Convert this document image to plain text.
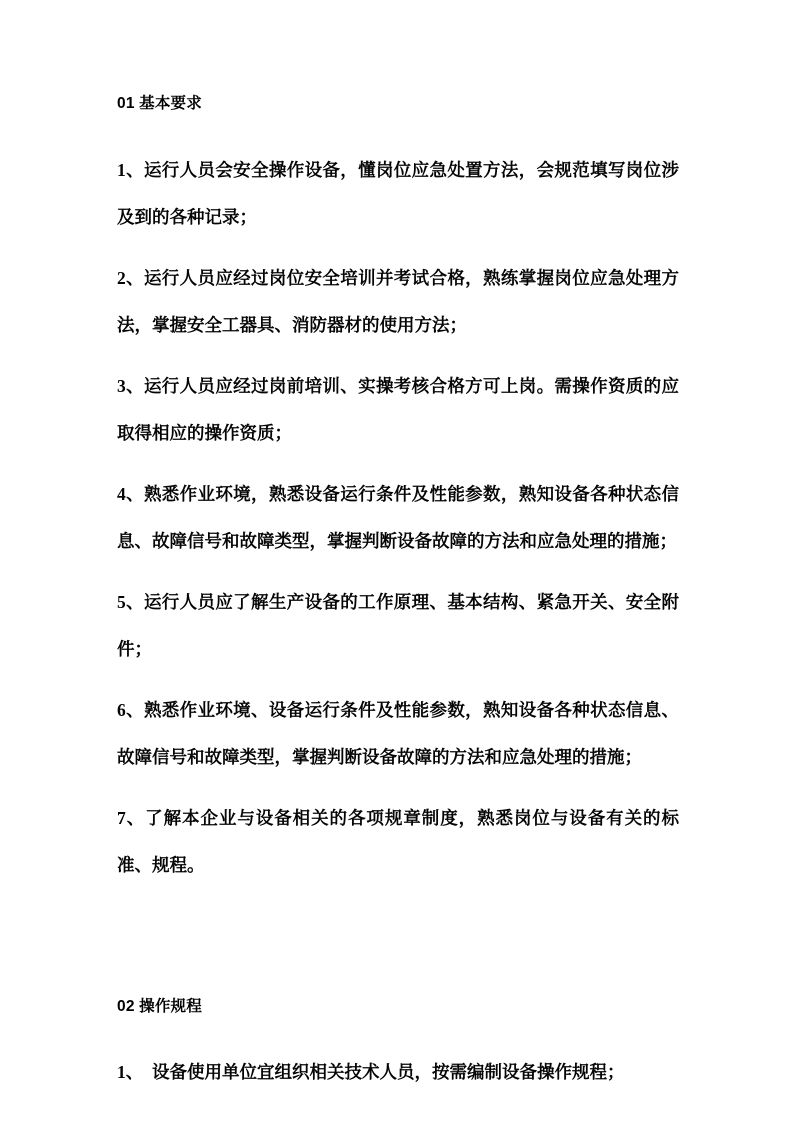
01 基本要求

1、运行人员会安全操作设备，懂岗位应急处置方法，会规范填写岗位涉及到的各种记录；

2、运行人员应经过岗位安全培训并考试合格，熟练掌握岗位应急处理方法，掌握安全工器具、消防器材的使用方法；

3、运行人员应经过岗前培训、实操考核合格方可上岗。需操作资质的应取得相应的操作资质；

4、熟悉作业环境，熟悉设备运行条件及性能参数，熟知设备各种状态信息、故障信号和故障类型，掌握判断设备故障的方法和应急处理的措施；

5、运行人员应了解生产设备的工作原理、基本结构、紧急开关、安全附件；

6、熟悉作业环境、设备运行条件及性能参数，熟知设备各种状态信息、故障信号和故障类型，掌握判断设备故障的方法和应急处理的措施；

7、了解本企业与设备相关的各项规章制度，熟悉岗位与设备有关的标准、规程。

02 操作规程

1、  设备使用单位宜组织相关技术人员，按需编制设备操作规程；
